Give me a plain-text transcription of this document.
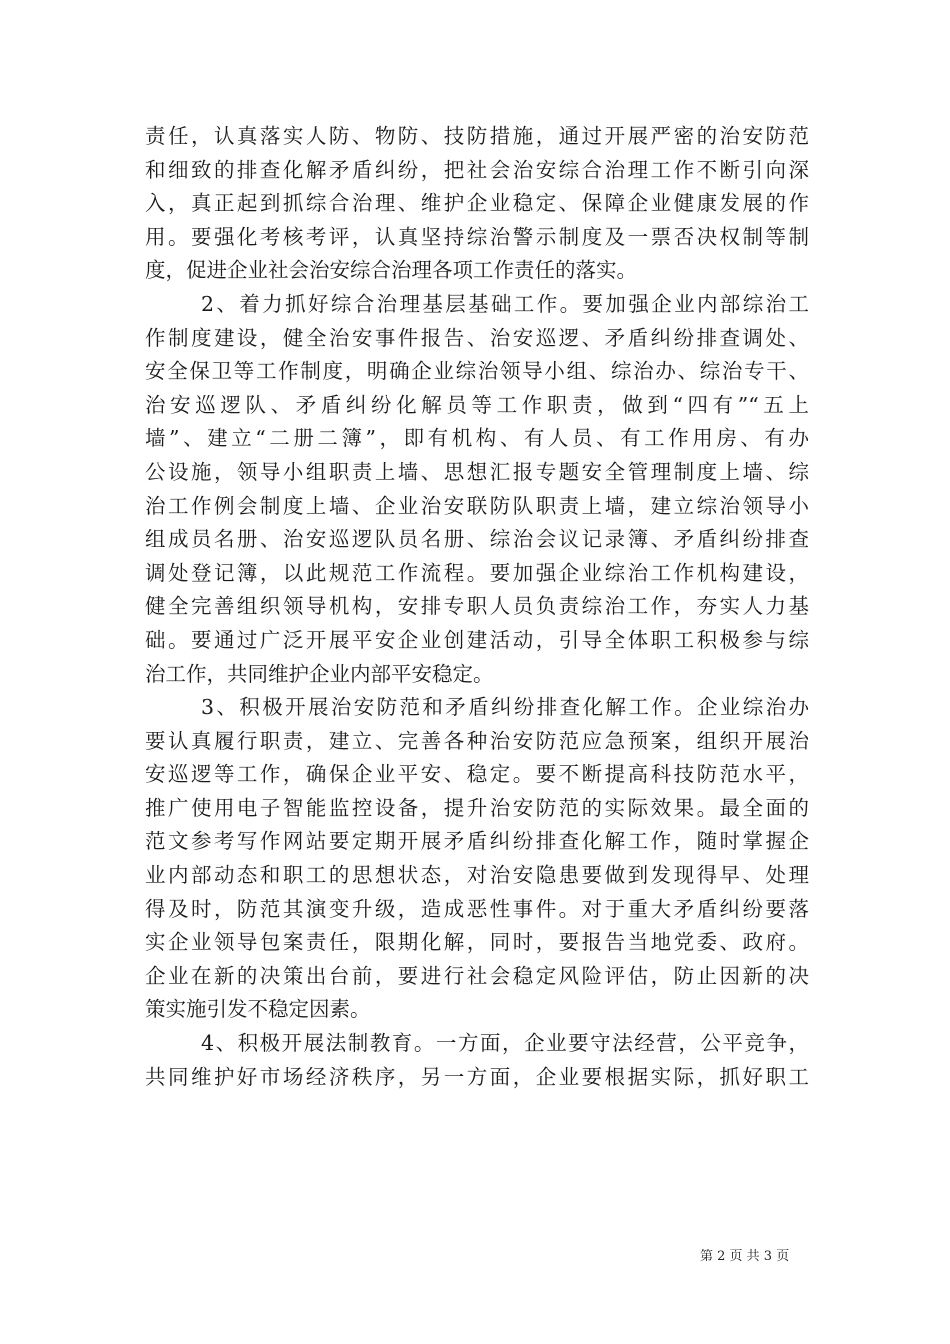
责任，认真落实人防、物防、技防措施，通过开展严密的治安防范
和细致的排查化解矛盾纠纷，把社会治安综合治理工作不断引向深
入，真正起到抓综合治理、维护企业稳定、保障企业健康发展的作
用。要强化考核考评，认真坚持综治警示制度及一票否决权制等制
度，促进企业社会治安综合治理各项工作责任的落实。
2、着力抓好综合治理基层基础工作。要加强企业内部综治工
作制度建设，健全治安事件报告、治安巡逻、矛盾纠纷排查调处、
安全保卫等工作制度，明确企业综治领导小组、综治办、综治专干、
治安巡逻队、矛盾纠纷化解员等工作职责，做到“四有”“五上
墙”、建立“二册二簿”，即有机构、有人员、有工作用房、有办
公设施，领导小组职责上墙、思想汇报专题安全管理制度上墙、综
治工作例会制度上墙、企业治安联防队职责上墙，建立综治领导小
组成员名册、治安巡逻队员名册、综治会议记录簿、矛盾纠纷排查
调处登记簿，以此规范工作流程。要加强企业综治工作机构建设，
健全完善组织领导机构，安排专职人员负责综治工作，夯实人力基
础。要通过广泛开展平安企业创建活动，引导全体职工积极参与综
治工作，共同维护企业内部平安稳定。
3、积极开展治安防范和矛盾纠纷排查化解工作。企业综治办
要认真履行职责，建立、完善各种治安防范应急预案，组织开展治
安巡逻等工作，确保企业平安、稳定。要不断提高科技防范水平，
推广使用电子智能监控设备，提升治安防范的实际效果。最全面的
范文参考写作网站要定期开展矛盾纠纷排查化解工作，随时掌握企
业内部动态和职工的思想状态，对治安隐患要做到发现得早、处理
得及时，防范其演变升级，造成恶性事件。对于重大矛盾纠纷要落
实企业领导包案责任，限期化解，同时，要报告当地党委、政府。
企业在新的决策出台前，要进行社会稳定风险评估，防止因新的决
策实施引发不稳定因素。
4、积极开展法制教育。一方面，企业要守法经营，公平竞争，
共同维护好市场经济秩序，另一方面，企业要根据实际，抓好职工
第 2 页 共 3 页
